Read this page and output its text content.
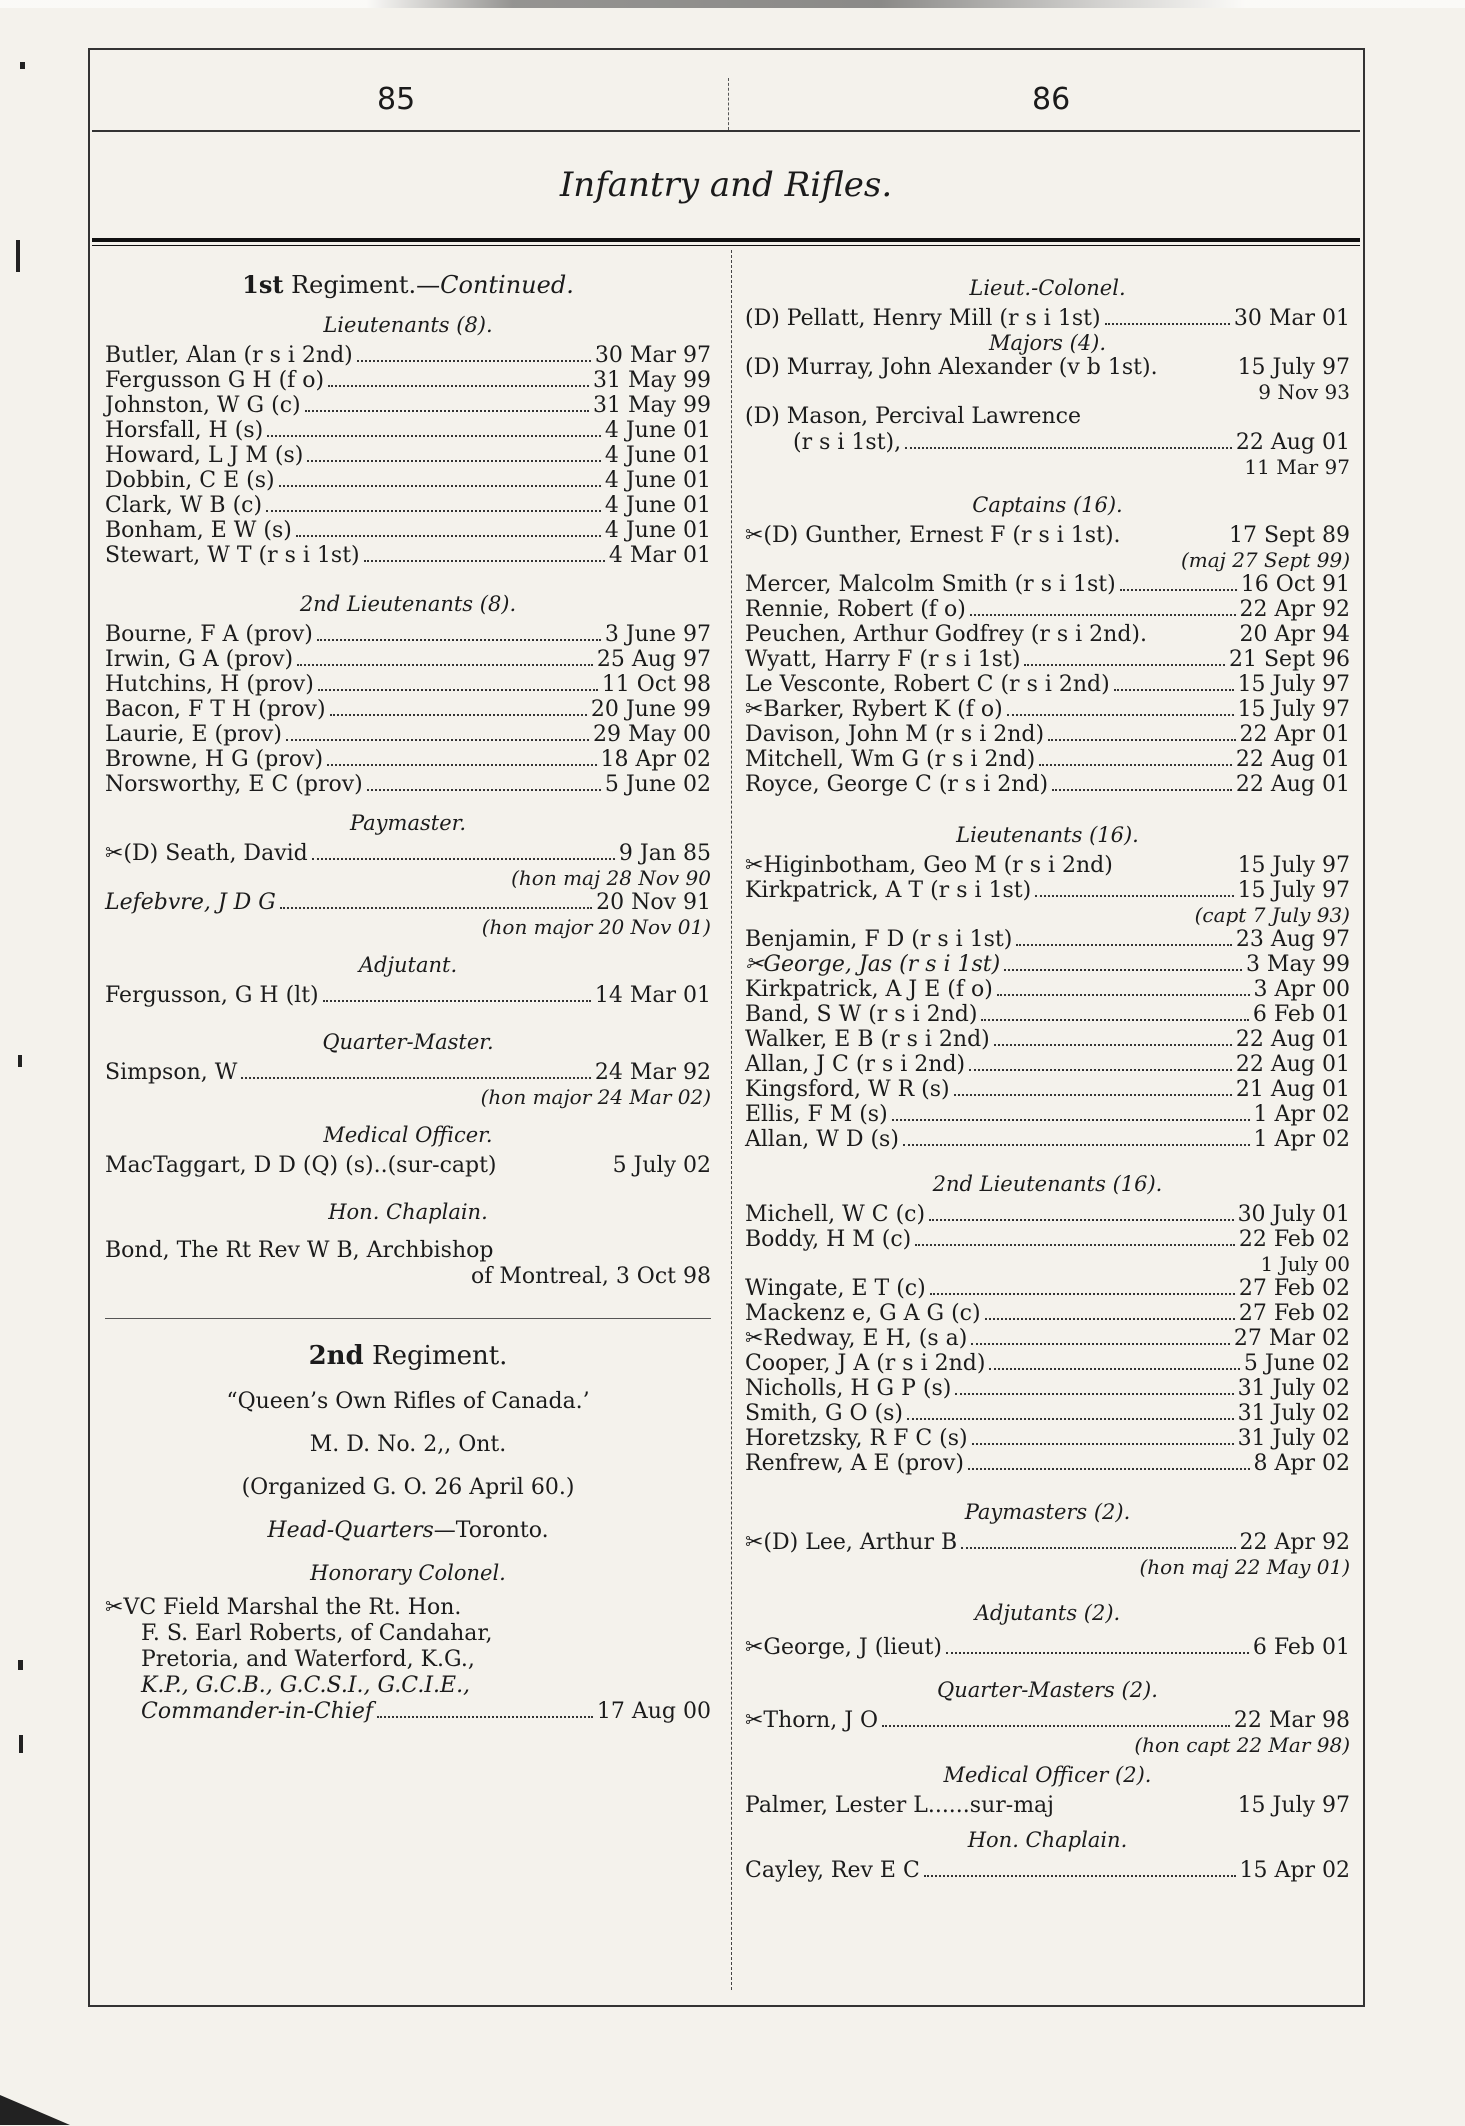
85	86
Infantry and Rifles.
1st Regiment.—Continued.
Lieutenants (8).
Butler, Alan (r s i 2nd)	30 Mar 97
Fergusson G H (f o)	31 May 99
Johnston, W G (c)	31 May 99
Horsfall, H (s)	4 June 01
Howard, L J M (s)	4 June 01
Dobbin, C E (s)	4 June 01
Clark, W B (c)	4 June 01
Bonham, E W (s)	4 June 01
Stewart, W T (r s i 1st)	4 Mar 01
2nd Lieutenants (8).
Bourne, F A (prov)	3 June 97
Irwin, G A (prov)	25 Aug 97
Hutchins, H (prov)	11 Oct 98
Bacon, F T H (prov)	20 June 99
Laurie, E (prov)	29 May 00
Browne, H G (prov)	18 Apr 02
Norsworthy, E C (prov)	5 June 02
Paymaster.
✂(D) Seath, David	9 Jan 85
(hon maj 28 Nov 90
Lefebvre, J D G	20 Nov 91
(hon major 20 Nov 01)
Adjutant.
Fergusson, G H (lt)	14 Mar 01
Quarter-Master.
Simpson, W	24 Mar 92
(hon major 24 Mar 02)
Medical Officer.
MacTaggart, D D (Q) (s)..(sur-capt)	5 July 02
Hon. Chaplain.
Bond, The Rt Rev W B, Archbishop
of Montreal, 3 Oct 98
2nd Regiment.
“Queen’s Own Rifles of Canada.’
M. D. No. 2,, Ont.
(Organized G. O. 26 April 60.)
Head-Quarters—Toronto.
Honorary Colonel.
✂VC Field Marshal the Rt. Hon.
F. S. Earl Roberts, of Candahar,
Pretoria, and Waterford, K.G.,
K.P., G.C.B., G.C.S.I., G.C.I.E.,
Commander-in-Chief	17 Aug 00
Lieut.-Colonel.
(D) Pellatt, Henry Mill (r s i 1st)	30 Mar 01
Majors (4).
(D) Murray, John Alexander (v b 1st).	15 July 97
9 Nov 93
(D) Mason, Percival Lawrence
(r s i 1st),	22 Aug 01
11 Mar 97
Captains (16).
✂(D) Gunther, Ernest F (r s i 1st).	17 Sept 89
(maj 27 Sept 99)
Mercer, Malcolm Smith (r s i 1st)	16 Oct 91
Rennie, Robert (f o)	22 Apr 92
Peuchen, Arthur Godfrey (r s i 2nd).	20 Apr 94
Wyatt, Harry F (r s i 1st)	21 Sept 96
Le Vesconte, Robert C (r s i 2nd)	15 July 97
✂Barker, Rybert K (f o)	15 July 97
Davison, John M (r s i 2nd)	22 Apr 01
Mitchell, Wm G (r s i 2nd)	22 Aug 01
Royce, George C (r s i 2nd)	22 Aug 01
Lieutenants (16).
✂Higinbotham, Geo M (r s i 2nd)	15 July 97
Kirkpatrick, A T (r s i 1st)	15 July 97
(capt 7 July 93)
Benjamin, F D (r s i 1st)	23 Aug 97
✂George, Jas (r s i 1st)	3 May 99
Kirkpatrick, A J E (f o)	3 Apr 00
Band, S W (r s i 2nd)	6 Feb 01
Walker, E B (r s i 2nd)	22 Aug 01
Allan, J C (r s i 2nd)	22 Aug 01
Kingsford, W R (s)	21 Aug 01
Ellis, F M (s)	1 Apr 02
Allan, W D (s)	1 Apr 02
2nd Lieutenants (16).
Michell, W C (c)	30 July 01
Boddy, H M (c)	22 Feb 02
1 July 00
Wingate, E T (c)	27 Feb 02
Mackenz e, G A G (c)	27 Feb 02
✂Redway, E H, (s a)	27 Mar 02
Cooper, J A (r s i 2nd)	5 June 02
Nicholls, H G P (s)	31 July 02
Smith, G O (s)	31 July 02
Horetzsky, R F C (s)	31 July 02
Renfrew, A E (prov)	8 Apr 02
Paymasters (2).
✂(D) Lee, Arthur B	22 Apr 92
(hon maj 22 May 01)
Adjutants (2).
✂George, J (lieut)	6 Feb 01
Quarter-Masters (2).
✂Thorn, J O	22 Mar 98
(hon capt 22 Mar 98)
Medical Officer (2).
Palmer, Lester L......sur-maj	15 July 97
Hon. Chaplain.
Cayley, Rev E C	15 Apr 02
